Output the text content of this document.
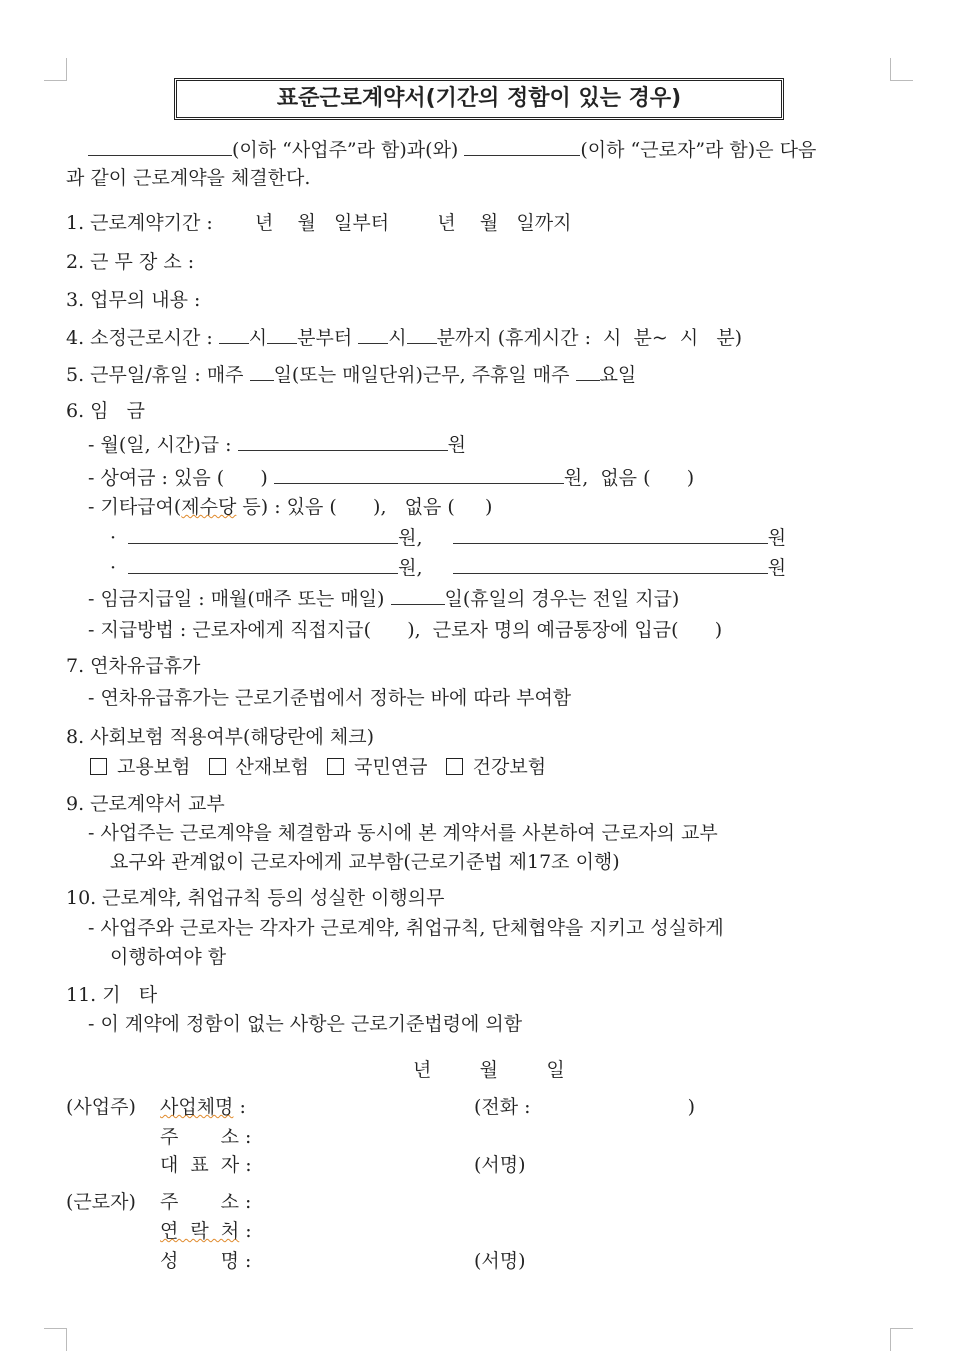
표준근로계약서(기간의 정함이 있는 경우)
(이하 “사업주”라 함)과(와)	(이하 “근로자”라 함)은 다음
과 같이 근로계약을 체결한다.
1. 근로계약기간 :       년    월   일부터        년    월   일까지
2. 근 무 장 소 :
3. 업무의 내용 :
4. 소정근로시간 : 시 분부터 시 분까지 (휴게시간 :  시  분~  시   분)
5. 근무일/휴일 : 매주 일(또는 매일단위)근무, 주휴일 매주 요일
6. 임   금
- 월(일, 시간)급 :	원
- 상여금 : 있음 (      )	원,  없음 (      )
- 기타급여(제수당 등) : 있음 (      ),   없음 (     )
·	원,	원
·	원,	원
- 임금지급일 : 매월(매주 또는 매일)	일(휴일의 경우는 전일 지급)
- 지급방법 : 근로자에게 직접지급(      ),  근로자 명의 예금통장에 입금(      )
7. 연차유급휴가
- 연차유급휴가는 근로기준법에서 정하는 바에 따라 부여함
8. 사회보험 적용여부(해당란에 체크)
고용보험 산재보험 국민연금 건강보험
9. 근로계약서 교부
- 사업주는 근로계약을 체결함과 동시에 본 계약서를 사본하여 근로자의 교부
요구와 관계없이 근로자에게 교부함(근로기준법 제17조 이행)
10. 근로계약, 취업규칙 등의 성실한 이행의무
- 사업주와 근로자는 각자가 근로계약, 취업규칙, 단체협약을 지키고 성실하게
이행하여야 함
11. 기   타
- 이 계약에 정함이 없는 사항은 근로기준법령에 의함
년        월        일
(사업주) 사업체명 :	(전화 :                          )
주       소 :
대  표  자 :	(서명)
(근로자) 주       소 :
연  락  처 :
성       명 :	(서명)
